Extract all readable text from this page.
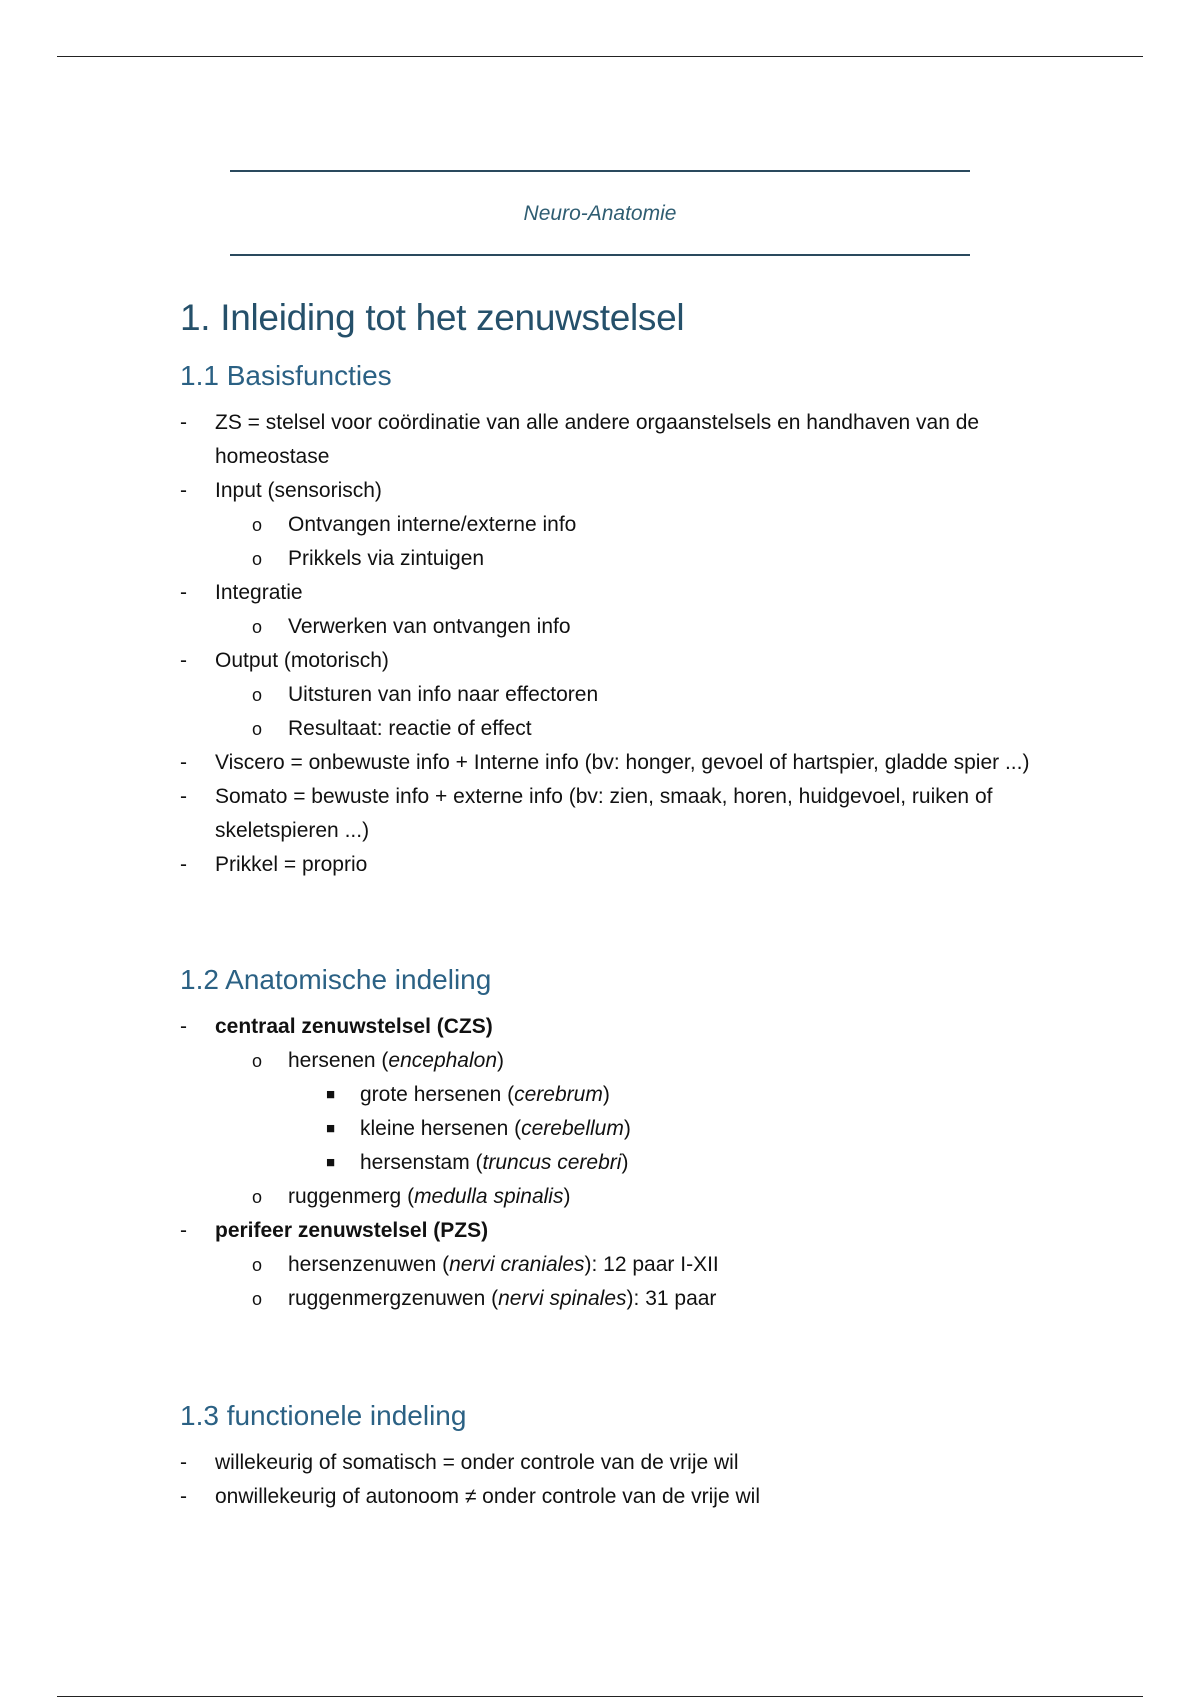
Neuro-Anatomie
1. Inleiding tot het zenuwstelsel
1.1 Basisfuncties
- ZS = stelsel voor coördinatie van alle andere orgaanstelsels en handhaven van de homeostase
- Input (sensorisch)
o Ontvangen interne/externe info
o Prikkels via zintuigen
- Integratie
o Verwerken van ontvangen info
- Output (motorisch)
o Uitsturen van info naar effectoren
o Resultaat: reactie of effect
- Viscero = onbewuste info + Interne info (bv: honger, gevoel of hartspier, gladde spier ...)
- Somato = bewuste info + externe info (bv: zien, smaak, horen, huidgevoel, ruiken of skeletspieren ...)
- Prikkel = proprio
1.2 Anatomische indeling
- centraal zenuwstelsel (CZS)
o hersenen (encephalon)
■ grote hersenen (cerebrum)
■ kleine hersenen (cerebellum)
■ hersenstam (truncus cerebri)
o ruggenmerg (medulla spinalis)
- perifeer zenuwstelsel (PZS)
o hersenzenuwen (nervi craniales): 12 paar I-XII
o ruggenmergzenuwen (nervi spinales): 31 paar
1.3 functionele indeling
- willekeurig of somatisch = onder controle van de vrije wil
- onwillekeurig of autonoom ≠ onder controle van de vrije wil
